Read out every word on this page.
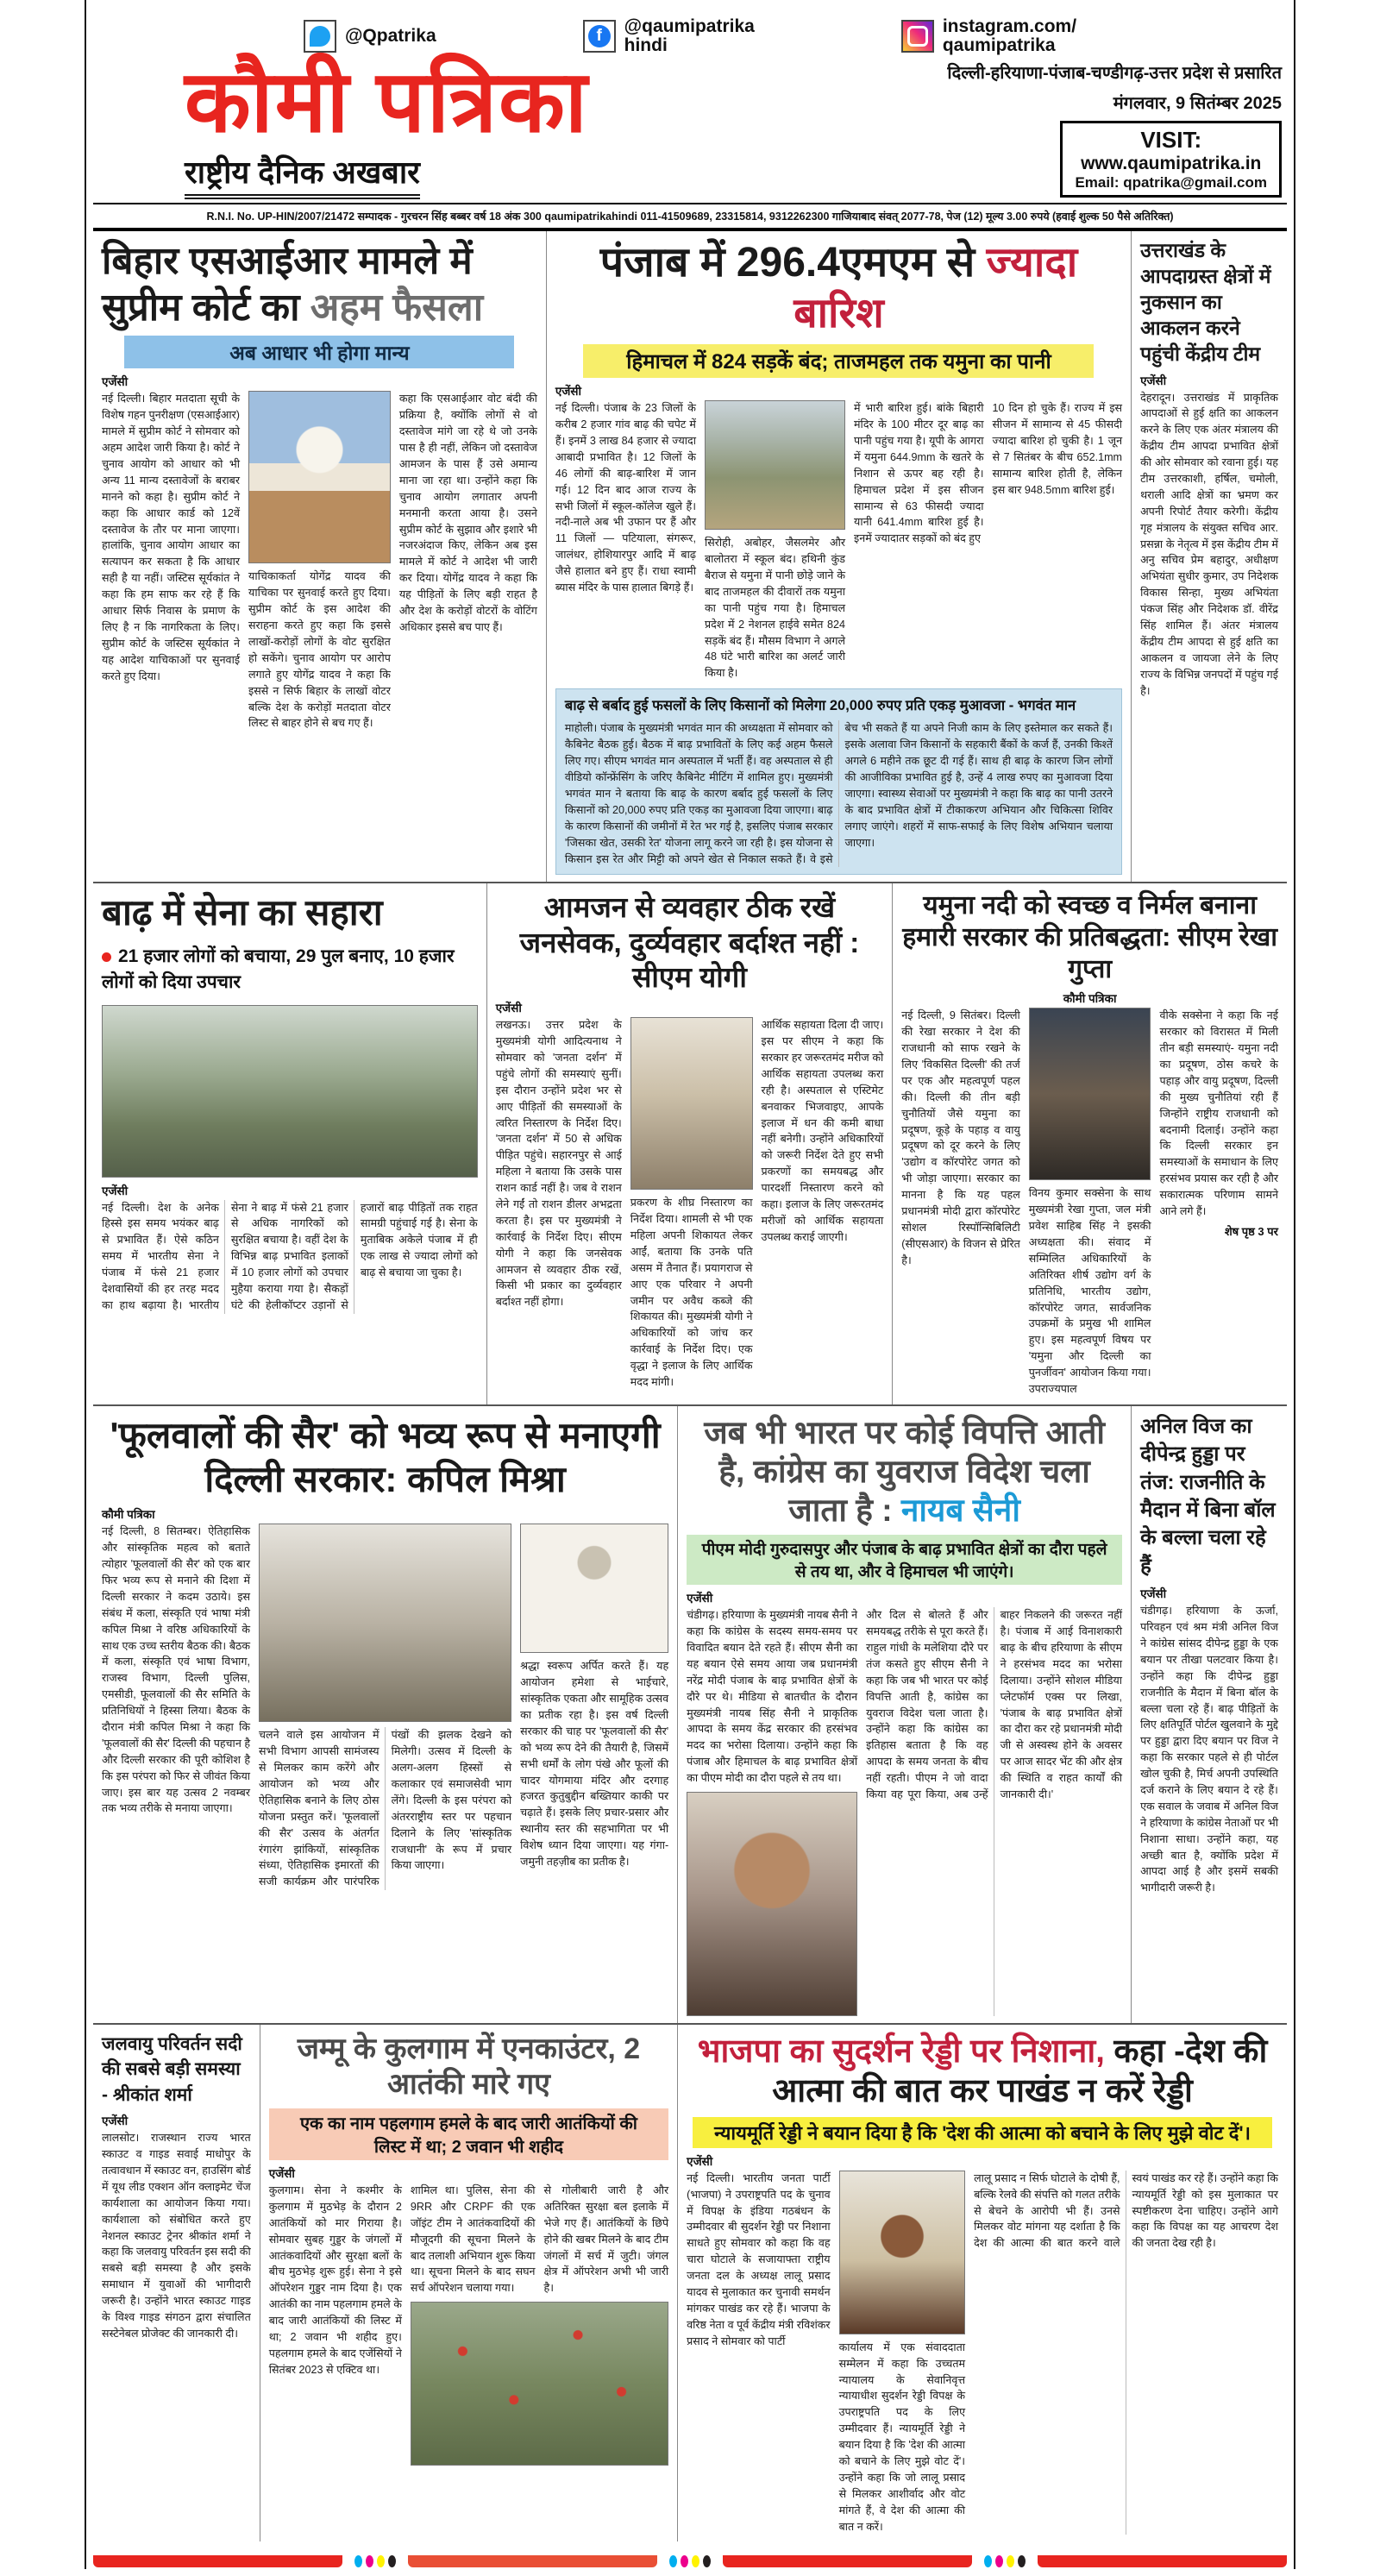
@Qpatrika	f	@qaumipatrika
hindi
instagram.com/
qaumipatrika
कौमी पत्रिका
राष्ट्रीय दैनिक अखबार
दिल्ली-हरियाणा-पंजाब-चण्डीगढ़-उत्तर प्रदेश से प्रसारित
मंगलवार, 9 सितंम्बर 2025
VISIT:
www.qaumipatrika.in
Email: qpatrika@gmail.com
R.N.I. No. UP-HIN/2007/21472 सम्पादक - गुरचरन सिंह बब्बर वर्ष 18 अंक 300 qaumipatrikahindi 011-41509689, 23315814, 9312262300 गाजियाबाद संवत् 2077-78, पेज (12) मूल्य 3.00 रुपये (हवाई शुल्क 50 पैसे अतिरिक्त)
बिहार एसआईआर मामले में सुप्रीम कोर्ट का अहम फैसला
अब आधार भी होगा मान्य
एजेंसी
नई दिल्ली। बिहार मतदाता सूची के विशेष गहन पुनरीक्षण (एसआईआर) मामले में सुप्रीम कोर्ट ने सोमवार को अहम आदेश जारी किया है। कोर्ट ने चुनाव आयोग को आधार को भी अन्य 11 मान्य दस्तावेजों के बराबर मानने को कहा है। सुप्रीम कोर्ट ने कहा कि आधार कार्ड को 12वें दस्तावेज के तौर पर माना जाएगा। हालांकि, चुनाव आयोग आधार का सत्यापन कर सकता है कि आधार सही है या नहीं। जस्टिस सूर्यकांत ने कहा कि हम साफ कर रहे हैं कि आधार सिर्फ निवास के प्रमाण के लिए है न कि नागरिकता के लिए। सुप्रीम कोर्ट के जस्टिस सूर्यकांत ने यह आदेश याचिकाओं पर सुनवाई करते हुए दिया।
याचिकाकर्ता योगेंद्र यादव की याचिका पर सुनवाई करते हुए दिया। सुप्रीम कोर्ट के इस आदेश की सराहना करते हुए कहा कि इससे लाखों-करोड़ों लोगों के वोट सुरक्षित हो सकेंगे। चुनाव आयोग पर आरोप लगाते हुए योगेंद्र यादव ने कहा कि इससे न सिर्फ बिहार के लाखों वोटर बल्कि देश के करोड़ों मतदाता वोटर लिस्ट से बाहर होने से बच गए हैं।
कहा कि एसआईआर वोट बंदी की प्रक्रिया है, क्योंकि लोगों से वो दस्तावेज मांगे जा रहे थे जो उनके पास है ही नहीं, लेकिन जो दस्तावेज आमजन के पास हैं उसे अमान्य माना जा रहा था। उन्होंने कहा कि चुनाव आयोग लगातार अपनी मनमानी करता आया है। उसने सुप्रीम कोर्ट के सुझाव और इशारे भी नजरअंदाज किए, लेकिन अब इस मामले में कोर्ट ने आदेश भी जारी कर दिया। योगेंद्र यादव ने कहा कि यह पीड़ितों के लिए बड़ी राहत है और देश के करोड़ों वोटरों के वोटिंग अधिकार इससे बच पाए हैं।
पंजाब में 296.4एमएम से ज्यादा बारिश
हिमाचल में 824 सड़कें बंद; ताजमहल तक यमुना का पानी
एजेंसी
नई दिल्ली। पंजाब के 23 जिलों के करीब 2 हजार गांव बाढ़ की चपेट में हैं। इनमें 3 लाख 84 हजार से ज्यादा आबादी प्रभावित है। 12 जिलों के 46 लोगों की बाढ़-बारिश में जान गई। 12 दिन बाद आज राज्य के सभी जिलों में स्कूल-कॉलेज खुले हैं। नदी-नाले अब भी उफान पर हैं और 11 जिलों — पटियाला, संगरूर, जालंधर, होशियारपुर आदि में बाढ़ जैसे हालात बने हुए हैं। राधा स्वामी ब्यास मंदिर के पास हालात बिगड़े हैं।
सिरोही, अबोहर, जैसलमेर और बालोतरा में स्कूल बंद। हथिनी कुंड बैराज से यमुना में पानी छोड़े जाने के बाद ताजमहल की दीवारों तक यमुना का पानी पहुंच गया है। हिमाचल प्रदेश में 2 नेशनल हाईवे समेत 824 सड़कें बंद हैं। मौसम विभाग ने अगले 48 घंटे भारी बारिश का अलर्ट जारी किया है।
में भारी बारिश हुई। बांके बिहारी मंदिर के 100 मीटर दूर बाढ़ का पानी पहुंच गया है। यूपी के आगरा में यमुना 644.9mm के खतरे के निशान से ऊपर बह रही है। हिमाचल प्रदेश में इस सीजन सामान्य से 63 फीसदी ज्यादा यानी 641.4mm बारिश हुई है। इनमें ज्यादातर सड़कों को बंद हुए
10 दिन हो चुके हैं। राज्य में इस सीजन में सामान्य से 45 फीसदी ज्यादा बारिश हो चुकी है। 1 जून से 7 सितंबर के बीच 652.1mm सामान्य बारिश होती है, लेकिन इस बार 948.5mm बारिश हुई।
बाढ़ से बर्बाद हुई फसलों के लिए किसानों को मिलेगा 20,000 रुपए प्रति एकड़ मुआवजा - भगवंत मान
माहोली। पंजाब के मुख्यमंत्री भगवंत मान की अध्यक्षता में सोमवार को कैबिनेट बैठक हुई। बैठक में बाढ़ प्रभावितों के लिए कई अहम फैसले लिए गए। सीएम भगवंत मान अस्पताल में भर्ती हैं। वह अस्पताल से ही वीडियो कॉन्फ्रेंसिंग के जरिए कैबिनेट मीटिंग में शामिल हुए। मुख्यमंत्री भगवंत मान ने बताया कि बाढ़ के कारण बर्बाद हुई फसलों के लिए किसानों को 20,000 रुपए प्रति एकड़ का मुआवजा दिया जाएगा। बाढ़ के कारण किसानों की जमीनों में रेत भर गई है, इसलिए पंजाब सरकार 'जिसका खेत, उसकी रेत' योजना लागू करने जा रही है। इस योजना से किसान इस रेत और मिट्टी को अपने खेत से निकाल सकते हैं। वे इसे बेच भी सकते हैं या अपने निजी काम के लिए इस्तेमाल कर सकते हैं। इसके अलावा जिन किसानों के सहकारी बैंकों के कर्ज हैं, उनकी किश्तें अगले 6 महीने तक छूट दी गई हैं। साथ ही बाढ़ के कारण जिन लोगों की आजीविका प्रभावित हुई है, उन्हें 4 लाख रुपए का मुआवजा दिया जाएगा। स्वास्थ्य सेवाओं पर मुख्यमंत्री ने कहा कि बाढ़ का पानी उतरने के बाद प्रभावित क्षेत्रों में टीकाकरण अभियान और चिकित्सा शिविर लगाए जाएंगे। शहरों में साफ-सफाई के लिए विशेष अभियान चलाया जाएगा।
उत्तराखंड के आपदाग्रस्त क्षेत्रों में नुकसान का आकलन करने पहुंची केंद्रीय टीम
एजेंसी
देहरादून। उत्तराखंड में प्राकृतिक आपदाओं से हुई क्षति का आकलन करने के लिए एक अंतर मंत्रालय की केंद्रीय टीम आपदा प्रभावित क्षेत्रों की ओर सोमवार को रवाना हुई। यह टीम उत्तरकाशी, हर्षिल, चमोली, थराली आदि क्षेत्रों का भ्रमण कर अपनी रिपोर्ट तैयार करेगी। केंद्रीय गृह मंत्रालय के संयुक्त सचिव आर. प्रसन्ना के नेतृत्व में इस केंद्रीय टीम में अनु सचिव प्रेम बहादुर, अधीक्षण अभियंता सुधीर कुमार, उप निदेशक विकास सिन्हा, मुख्य अभियंता पंकज सिंह और निदेशक डॉ. वीरेंद्र सिंह शामिल हैं। अंतर मंत्रालय केंद्रीय टीम आपदा से हुई क्षति का आकलन व जायजा लेने के लिए राज्य के विभिन्न जनपदों में पहुंच गई है।
बाढ़ में सेना का सहारा
21 हजार लोगों को बचाया, 29 पुल बनाए, 10 हजार लोगों को दिया उपचार
एजेंसी
नई दिल्ली। देश के अनेक हिस्से इस समय भयंकर बाढ़ से प्रभावित हैं। ऐसे कठिन समय में भारतीय सेना ने पंजाब में फंसे 21 हजार देशवासियों की हर तरह मदद का हाथ बढ़ाया है। भारतीय सेना ने बाढ़ में फंसे 21 हजार से अधिक नागरिकों को सुरक्षित बचाया है। वहीं देश के विभिन्न बाढ़ प्रभावित इलाकों में 10 हजार लोगों को उपचार मुहैया कराया गया है। सैकड़ों घंटे की हेलीकॉप्टर उड़ानों से हजारों बाढ़ पीड़ितों तक राहत सामग्री पहुंचाई गई है। सेना के मुताबिक अकेले पंजाब में ही एक लाख से ज्यादा लोगों को बाढ़ से बचाया जा चुका है।
आमजन से व्यवहार ठीक रखें जनसेवक, दुर्व्यवहार बर्दाश्त नहीं : सीएम योगी
एजेंसी
लखनऊ। उत्तर प्रदेश के मुख्यमंत्री योगी आदित्यनाथ ने सोमवार को 'जनता दर्शन' में पहुंचे लोगों की समस्याएं सुनीं। इस दौरान उन्होंने प्रदेश भर से आए पीड़ितों की समस्याओं के त्वरित निस्तारण के निर्देश दिए। 'जनता दर्शन' में 50 से अधिक पीड़ित पहुंचे। सहारनपुर से आई महिला ने बताया कि उसके पास राशन कार्ड नहीं है। जब वे राशन लेने गईं तो राशन डीलर अभद्रता करता है। इस पर मुख्यमंत्री ने कार्रवाई के निर्देश दिए। सीएम योगी ने कहा कि जनसेवक आमजन से व्यवहार ठीक रखें, किसी भी प्रकार का दुर्व्यवहार बर्दाश्त नहीं होगा।
प्रकरण के शीघ्र निस्तारण का निर्देश दिया। शामली से भी एक महिला अपनी शिकायत लेकर आईं, बताया कि उनके पति असम में तैनात हैं। प्रयागराज से आए एक परिवार ने अपनी जमीन पर अवैध कब्जे की शिकायत की। मुख्यमंत्री योगी ने अधिकारियों को जांच कर कार्रवाई के निर्देश दिए। एक वृद्धा ने इलाज के लिए आर्थिक मदद मांगी।
आर्थिक सहायता दिला दी जाए। इस पर सीएम ने कहा कि सरकार हर जरूरतमंद मरीज को आर्थिक सहायता उपलब्ध करा रही है। अस्पताल से एस्टिमेट बनवाकर भिजवाइए, आपके इलाज में धन की कमी बाधा नहीं बनेगी। उन्होंने अधिकारियों को जरूरी निर्देश देते हुए सभी प्रकरणों का समयबद्ध और पारदर्शी निस्तारण करने को कहा। इलाज के लिए जरूरतमंद मरीजों को आर्थिक सहायता उपलब्ध कराई जाएगी।
यमुना नदी को स्वच्छ व निर्मल बनाना हमारी सरकार की प्रतिबद्धता: सीएम रेखा गुप्ता
कौमी पत्रिका
नई दिल्ली, 9 सितंबर। दिल्ली की रेखा सरकार ने देश की राजधानी को साफ रखने के लिए 'विकसित दिल्ली' की तर्ज पर एक और महत्वपूर्ण पहल की। दिल्ली की तीन बड़ी चुनौतियों जैसे यमुना का प्रदूषण, कूड़े के पहाड़ व वायु प्रदूषण को दूर करने के लिए 'उद्योग व कॉरपोरेट जगत को भी जोड़ा जाएगा। सरकार का मानना है कि यह पहल प्रधानमंत्री मोदी द्वारा कॉरपोरेट सोशल रिस्पॉन्सिबिलिटी (सीएसआर) के विजन से प्रेरित है।
विनय कुमार सक्सेना के साथ मुख्यमंत्री रेखा गुप्ता, जल मंत्री प्रवेश साहिब सिंह ने इसकी अध्यक्षता की। संवाद में सम्मिलित अधिकारियों के अतिरिक्त शीर्ष उद्योग वर्ग के प्रतिनिधि, भारतीय उद्योग, कॉरपोरेट जगत, सार्वजनिक उपक्रमों के प्रमुख भी शामिल हुए। इस महत्वपूर्ण विषय पर 'यमुना और दिल्ली का पुनर्जीवन' आयोजन किया गया। उपराज्यपाल
वीके सक्सेना ने कहा कि नई सरकार को विरासत में मिली तीन बड़ी समस्याएं- यमुना नदी का प्रदूषण, ठोस कचरे के पहाड़ और वायु प्रदूषण, दिल्ली की मुख्य चुनौतियां रही हैं जिन्होंने राष्ट्रीय राजधानी को बदनामी दिलाई। उन्होंने कहा कि दिल्ली सरकार इन समस्याओं के समाधान के लिए हरसंभव प्रयास कर रही है और सकारात्मक परिणाम सामने आने लगे हैं।
शेष पृष्ठ 3 पर
'फूलवालों की सैर' को भव्य रूप से मनाएगी दिल्ली सरकार: कपिल मिश्रा
कौमी पत्रिका
नई दिल्ली, 8 सितम्बर। ऐतिहासिक और सांस्कृतिक महत्व को बताते त्योहार 'फूलवालों की सैर' को एक बार फिर भव्य रूप से मनाने की दिशा में दिल्ली सरकार ने कदम उठाये। इस संबंध में कला, संस्कृति एवं भाषा मंत्री कपिल मिश्रा ने वरिष्ठ अधिकारियों के साथ एक उच्च स्तरीय बैठक की। बैठक में कला, संस्कृति एवं भाषा विभाग, राजस्व विभाग, दिल्ली पुलिस, एमसीडी, फूलवालों की सैर समिति के प्रतिनिधियों ने हिस्सा लिया। बैठक के दौरान मंत्री कपिल मिश्रा ने कहा कि 'फूलवालों की सैर' दिल्ली की पहचान है और दिल्ली सरकार की पूरी कोशिश है कि इस परंपरा को फिर से जीवंत किया जाए। इस बार यह उत्सव 2 नवम्बर तक भव्य तरीके से मनाया जाएगा।
चलने वाले इस आयोजन में सभी विभाग आपसी सामंजस्य से मिलकर काम करेंगे और आयोजन को भव्य और ऐतिहासिक बनाने के लिए ठोस योजना प्रस्तुत करें। 'फूलवालों की सैर' उत्सव के अंतर्गत रंगारंग झांकियों, सांस्कृतिक संध्या, ऐतिहासिक इमारतों की सजी कार्यक्रम और पारंपरिक पंखों की झलक देखने को मिलेगी। उत्सव में दिल्ली के अलग-अलग हिस्सों से कलाकार एवं समाजसेवी भाग लेंगे। दिल्ली के इस परंपरा को अंतरराष्ट्रीय स्तर पर पहचान दिलाने के लिए 'सांस्कृतिक राजधानी' के रूप में प्रचार किया जाएगा।
श्रद्धा स्वरूप अर्पित करते हैं। यह आयोजन हमेशा से भाईचारे, सांस्कृतिक एकता और सामूहिक उत्सव का प्रतीक रहा है। इस वर्ष दिल्ली सरकार की चाह पर 'फूलवालों की सैर' को भव्य रूप देने की तैयारी है, जिसमें सभी धर्मों के लोग पंखे और फूलों की चादर योगमाया मंदिर और दरगाह हजरत कुतुबुद्दीन बख्तियार काकी पर चढ़ाते हैं। इसके लिए प्रचार-प्रसार और स्थानीय स्तर की सहभागिता पर भी विशेष ध्यान दिया जाएगा। यह गंगा-जमुनी तहज़ीब का प्रतीक है।
जब भी भारत पर कोई विपत्ति आती है, कांग्रेस का युवराज विदेश चला जाता है : नायब सैनी
पीएम मोदी गुरुदासपुर और पंजाब के बाढ़ प्रभावित क्षेत्रों का दौरा पहले से तय था, और वे हिमाचल भी जाएंगे।
एजेंसी
चंडीगढ़। हरियाणा के मुख्यमंत्री नायब सैनी ने कहा कि कांग्रेस के सदस्य समय-समय पर विवादित बयान देते रहते हैं। सीएम सैनी का यह बयान ऐसे समय आया जब प्रधानमंत्री नरेंद्र मोदी पंजाब के बाढ़ प्रभावित क्षेत्रों के दौरे पर थे। मीडिया से बातचीत के दौरान मुख्यमंत्री नायब सिंह सैनी ने प्राकृतिक आपदा के समय केंद्र सरकार की हरसंभव मदद का भरोसा दिलाया। उन्होंने कहा कि पंजाब और हिमाचल के बाढ़ प्रभावित क्षेत्रों का पीएम मोदी का दौरा पहले से तय था।
और दिल से बोलते हैं और समयबद्ध तरीके से पूरा करते हैं। राहुल गांधी के मलेशिया दौरे पर तंज कसते हुए सीएम सैनी ने कहा कि जब भी भारत पर कोई विपत्ति आती है, कांग्रेस का युवराज विदेश चला जाता है। उन्होंने कहा कि कांग्रेस का इतिहास बताता है कि वह आपदा के समय जनता के बीच नहीं रहती। पीएम ने जो वादा किया वह पूरा किया, अब उन्हें बाहर निकलने की जरूरत नहीं है। पंजाब में आई विनाशकारी बाढ़ के बीच हरियाणा के सीएम ने हरसंभव मदद का भरोसा दिलाया। उन्होंने सोशल मीडिया प्लेटफॉर्म एक्स पर लिखा, 'पंजाब के बाढ़ प्रभावित क्षेत्रों का दौरा कर रहे प्रधानमंत्री मोदी जी से अस्वस्थ होने के अवसर पर आज सादर भेंट की और क्षेत्र की स्थिति व राहत कार्यों की जानकारी दी।'
अनिल विज का दीपेन्द्र हुड्डा पर तंज: राजनीति के मैदान में बिना बॉल के बल्ला चला रहे हैं
एजेंसी
चंडीगढ़। हरियाणा के ऊर्जा, परिवहन एवं श्रम मंत्री अनिल विज ने कांग्रेस सांसद दीपेन्द्र हुड्डा के एक बयान पर तीखा पलटवार किया है। उन्होंने कहा कि दीपेन्द्र हुड्डा राजनीति के मैदान में बिना बॉल के बल्ला चला रहे हैं। बाढ़ पीड़ितों के लिए क्षतिपूर्ति पोर्टल खुलवाने के मुद्दे पर हुड्डा द्वारा दिए बयान पर विज ने कहा कि सरकार पहले से ही पोर्टल खोल चुकी है, मिर्च अपनी उपस्थिति दर्ज कराने के लिए बयान दे रहे हैं। एक सवाल के जवाब में अनिल विज ने हरियाणा के कांग्रेस नेताओं पर भी निशाना साधा। उन्होंने कहा, यह अच्छी बात है, क्योंकि प्रदेश में आपदा आई है और इसमें सबकी भागीदारी जरूरी है।
जलवायु परिवर्तन सदी की सबसे बड़ी समस्या - श्रीकांत शर्मा
एजेंसी
लालसोट। राजस्थान राज्य भारत स्काउट व गाइड सवाई माधोपुर के तत्वावधान में स्काउट वन, हाउसिंग बोर्ड में यूथ लीड एक्शन ऑन क्लाइमेट चेंज कार्यशाला का आयोजन किया गया। कार्यशाला को संबोधित करते हुए नेशनल स्काउट ट्रेनर श्रीकांत शर्मा ने कहा कि जलवायु परिवर्तन इस सदी की सबसे बड़ी समस्या है और इसके समाधान में युवाओं की भागीदारी जरूरी है। उन्होंने भारत स्काउट गाइड के विश्व गाइड संगठन द्वारा संचालित सस्टेनेबल प्रोजेक्ट की जानकारी दी।
जम्मू के कुलगाम में एनकाउंटर, 2 आतंकी मारे गए
एक का नाम पहलगाम हमले के बाद जारी आतंकियों की लिस्ट में था; 2 जवान भी शहीद
एजेंसी
कुलगाम। सेना ने कश्मीर के कुलगाम में मुठभेड़ के दौरान 2 आतंकियों को मार गिराया है। सोमवार सुबह गुड्डर के जंगलों में आतंकवादियों और सुरक्षा बलों के बीच मुठभेड़ शुरू हुई। सेना ने इसे ऑपरेशन गुड्डर नाम दिया है। एक आतंकी का नाम पहलगाम हमले के बाद जारी आतंकियों की लिस्ट में था; 2 जवान भी शहीद हुए। पहलगाम हमले के बाद एजेंसियों ने सितंबर 2023 से एक्टिव था।
शामिल था। पुलिस, सेना की 9RR और CRPF की एक जॉइंट टीम ने आतंकवादियों की मौजूदगी की सूचना मिलने के बाद तलाशी अभियान शुरू किया था। सूचना मिलने के बाद सघन सर्च ऑपरेशन चलाया गया।
से गोलीबारी जारी है और अतिरिक्त सुरक्षा बल इलाके में भेजे गए हैं। आतंकियों के छिपे होने की खबर मिलने के बाद टीम जंगलों में सर्च में जुटी। जंगल क्षेत्र में ऑपरेशन अभी भी जारी है।
भाजपा का सुदर्शन रेड्डी पर निशाना, कहा -देश की आत्मा की बात कर पाखंड न करें रेड्डी
न्यायमूर्ति रेड्डी ने बयान दिया है कि 'देश की आत्मा को बचाने के लिए मुझे वोट दें'।
एजेंसी
नई दिल्ली। भारतीय जनता पार्टी (भाजपा) ने उपराष्ट्रपति पद के चुनाव में विपक्ष के इंडिया गठबंधन के उम्मीदवार बी सुदर्शन रेड्डी पर निशाना साधते हुए सोमवार को कहा कि वह चारा घोटाले के सजायाफ्ता राष्ट्रीय जनता दल के अध्यक्ष लालू प्रसाद यादव से मुलाकात कर चुनावी समर्थन मांगकर पाखंड कर रहे हैं। भाजपा के वरिष्ठ नेता व पूर्व केंद्रीय मंत्री रविशंकर प्रसाद ने सोमवार को पार्टी
कार्यालय में एक संवाददाता सम्मेलन में कहा कि उच्चतम न्यायालय के सेवानिवृत्त न्यायाधीश सुदर्शन रेड्डी विपक्ष के उपराष्ट्रपति पद के लिए उम्मीदवार हैं। न्यायमूर्ति रेड्डी ने बयान दिया है कि 'देश की आत्मा को बचाने के लिए मुझे वोट दें'। उन्होंने कहा कि जो लालू प्रसाद से मिलकर आशीर्वाद और वोट मांगते हैं, वे देश की आत्मा की बात न करें।
लालू प्रसाद न सिर्फ घोटाले के दोषी हैं, बल्कि रेलवे की संपत्ति को गलत तरीके से बेचने के आरोपी भी हैं। उनसे मिलकर वोट मांगना यह दर्शाता है कि देश की आत्मा की बात करने वाले स्वयं पाखंड कर रहे हैं। उन्होंने कहा कि न्यायमूर्ति रेड्डी को इस मुलाकात पर स्पष्टीकरण देना चाहिए। उन्होंने आगे कहा कि विपक्ष का यह आचरण देश की जनता देख रही है।
